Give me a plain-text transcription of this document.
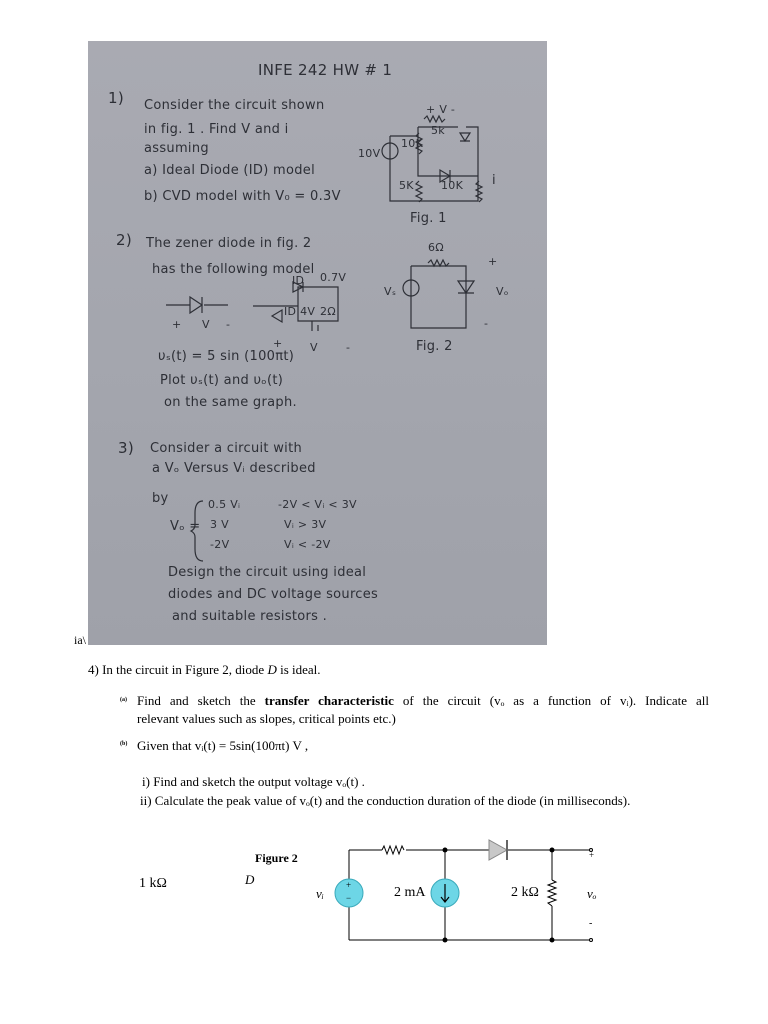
INFE 242 HW # 1
1) Consider the circuit shown
in fig. 1 . Find V and i
assuming
a) Ideal Diode (ID) model
b) CVD model with V₀ = 0.3V
+ V -
5k
10K
10V
5K 10K i
Fig. 1
2) The zener diode in fig. 2
has the following model
0.7V
ID
ID 4V 2Ω
+ V -
+ V	-
υₛ(t) = 5 sin (100πt)
Plot υₛ(t) and υₒ(t)
on the same graph.
6Ω
Vₛ	Vₒ
+
-
Fig. 2
3) Consider a circuit with
a Vₒ Versus Vᵢ described
by
Vₒ =
0.5 Vᵢ	-2V < Vᵢ < 3V
3 V	Vᵢ > 3V
-2V	Vᵢ < -2V
Design the circuit using ideal
diodes and DC voltage sources
and suitable resistors .
ia\
4) In the circuit in Figure 2, diode D is ideal.
(a) Find and sketch the transfer characteristic of the circuit (vₒ as a function of vᵢ). Indicate all
relevant values such as slopes, critical points etc.)
(b) Given that vᵢ(t) = 5sin(100πt) V ,
i) Find and sketch the output voltage vₒ(t) .
ii) Calculate the peak value of vₒ(t) and the conduction duration of the diode (in milliseconds).
Figure 2
1 kΩ	D	+
−
vᵢ	2 mA	2 kΩ	vₒ
+
-
